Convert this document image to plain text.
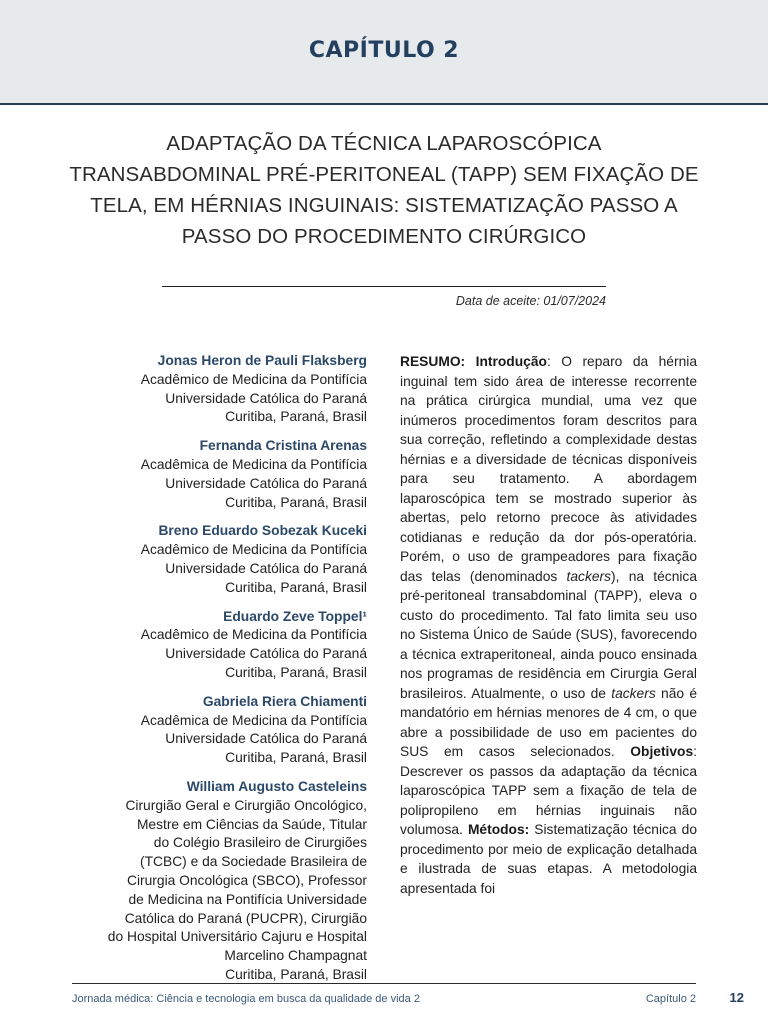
CAPÍTULO 2
ADAPTAÇÃO DA TÉCNICA LAPAROSCÓPICA
TRANSABDOMINAL PRÉ-PERITONEAL (TAPP) SEM FIXAÇÃO DE
TELA, EM HÉRNIAS INGUINAIS: SISTEMATIZAÇÃO PASSO A
PASSO DO PROCEDIMENTO CIRÚRGICO
Data de aceite: 01/07/2024
Jonas Heron de Pauli Flaksberg
Acadêmico de Medicina da Pontifícia
Universidade Católica do Paraná
Curitiba, Paraná, Brasil
Fernanda Cristina Arenas
Acadêmica de Medicina da Pontifícia
Universidade Católica do Paraná
Curitiba, Paraná, Brasil
Breno Eduardo Sobezak Kuceki
Acadêmico de Medicina da Pontifícia
Universidade Católica do Paraná
Curitiba, Paraná, Brasil
Eduardo Zeve Toppel¹
Acadêmico de Medicina da Pontifícia
Universidade Católica do Paraná
Curitiba, Paraná, Brasil
Gabriela Riera Chiamenti
Acadêmica de Medicina da Pontifícia
Universidade Católica do Paraná
Curitiba, Paraná, Brasil
William Augusto Casteleins
Cirurgião Geral e Cirurgião Oncológico,
Mestre em Ciências da Saúde, Titular
do Colégio Brasileiro de Cirurgiões
(TCBC) e da Sociedade Brasileira de
Cirurgia Oncológica (SBCO), Professor
de Medicina na Pontifícia Universidade
Católica do Paraná (PUCPR), Cirurgião
do Hospital Universitário Cajuru e Hospital
Marcelino Champagnat
Curitiba, Paraná, Brasil
RESUMO: Introdução: O reparo da hérnia inguinal tem sido área de interesse recorrente na prática cirúrgica mundial, uma vez que inúmeros procedimentos foram descritos para sua correção, refletindo a complexidade destas hérnias e a diversidade de técnicas disponíveis para seu tratamento. A abordagem laparoscópica tem se mostrado superior às abertas, pelo retorno precoce às atividades cotidianas e redução da dor pós-operatória. Porém, o uso de grampeadores para fixação das telas (denominados tackers), na técnica pré-peritoneal transabdominal (TAPP), eleva o custo do procedimento. Tal fato limita seu uso no Sistema Único de Saúde (SUS), favorecendo a técnica extraperitoneal, ainda pouco ensinada nos programas de residência em Cirurgia Geral brasileiros. Atualmente, o uso de tackers não é mandatório em hérnias menores de 4 cm, o que abre a possibilidade de uso em pacientes do SUS em casos selecionados. Objetivos: Descrever os passos da adaptação da técnica laparoscópica TAPP sem a fixação de tela de polipropileno em hérnias inguinais não volumosa. Métodos: Sistematização técnica do procedimento por meio de explicação detalhada e ilustrada de suas etapas. A metodologia apresentada foi
Jornada médica: Ciência e tecnologia em busca da qualidade de vida 2	Capítulo 2	12
